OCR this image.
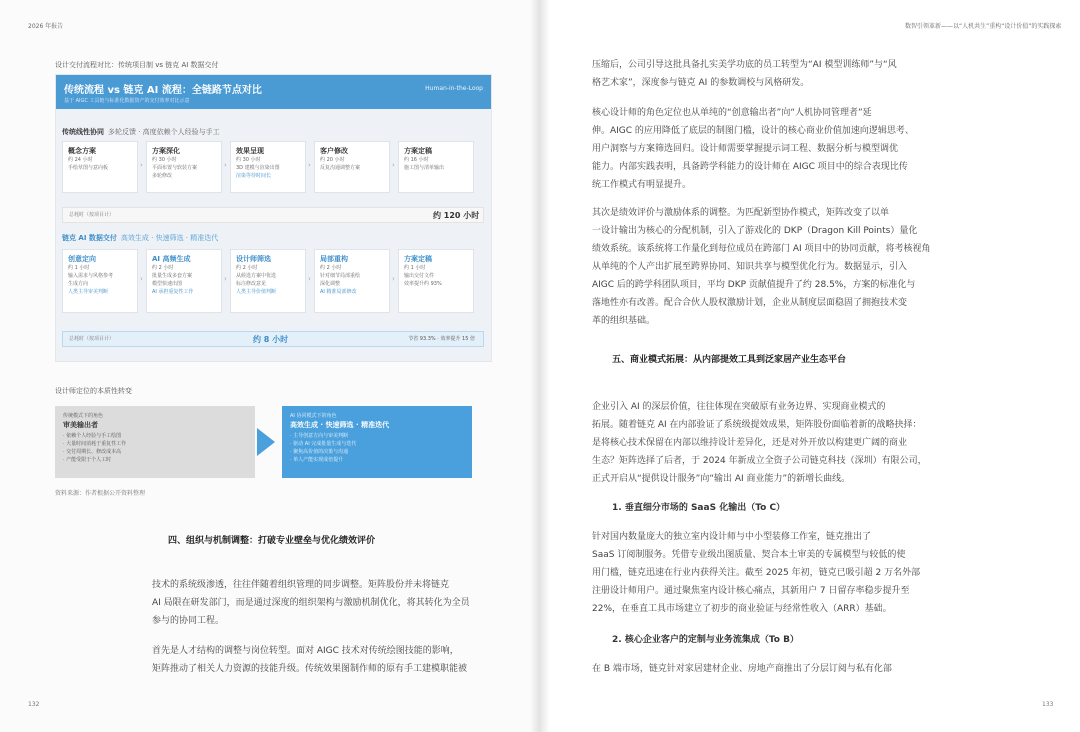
2026 年报告
设计交付流程对比：传统项目制 vs 链克 AI 数据交付
传统流程 vs 链克 AI 流程：全链路节点对比
基于 AIGC 工具链与标准化数据资产的交付效率对比示意
Human-in-the-Loop
传统线性协同 多轮反馈 · 高度依赖个人经验与手工
概念方案
约 24 小时
手绘草图与意向板	›
方案深化
约 30 小时
平面布置与软装方案
多轮修改
›
效果呈现
约 30 小时
3D 建模与渲染出图
渲染等待时间长
›
客户修改
约 20 小时
反复沟通调整方案	›
方案定稿
约 16 小时
施工图与清单输出
总耗时（按项目计）	约 120 小时
链克 AI 数据交付 高效生成 · 快速筛选 · 精准迭代
创意定向
约 1 小时
输入需求与风格参考
生成方向
人类主导审美判断
›
AI 高频生成
约 2 小时
批量生成多套方案
模型快速出图
AI 承担重复性工作
›
设计师筛选
约 2 小时
从候选方案中优选
标注修改意见
人类主导价值判断
›
局部重构
约 2 小时
针对细节局部重绘
深化调整
AI 精准局部修改
›
方案定稿
约 1 小时
输出交付文件
效率提升约 93%
总耗时（按项目计）	约 8 小时	节省 93.3% · 效率提升 15 倍
设计师定位的本质性转变
传统模式下的角色
审美输出者
· 依赖个人经验与手工绘图
· 大量时间消耗于重复性工作
· 交付周期长、修改成本高
· 产能受限于个人工时
AI 协同模式下的角色
高效生成 · 快速筛选 · 精准迭代
· 主导创意方向与审美判断
· 驱动 AI 完成批量生成与迭代
· 聚焦高价值的决策与沟通
· 单人产能实现成倍提升
资料来源：作者根据公开资料整理
四、组织与机制调整：打破专业壁垒与优化绩效评价
技术的系统级渗透，往往伴随着组织管理的同步调整。矩阵股份并未将链克
AI 局限在研发部门，而是通过深度的组织架构与激励机制优化，将其转化为全员
参与的协同工程。
首先是人才结构的调整与岗位转型。面对 AIGC 技术对传统绘图技能的影响，
矩阵推动了相关人力资源的技能升级。传统效果图制作师的原有手工建模职能被
132
数智引领革新——以“人机共生”重构“设计价值”的实践探索
压缩后，公司引导这批具备扎实美学功底的员工转型为“AI 模型训练师”与“风
格艺术家”，深度参与链克 AI 的参数调校与风格研发。
核心设计师的角色定位也从单纯的“创意输出者”向“人机协同管理者”延
伸。AIGC 的应用降低了底层的制图门槛，设计的核心商业价值加速向逻辑思考、
用户洞察与方案筛选回归。设计师需要掌握提示词工程、数据分析与模型调优
能力。内部实践表明，具备跨学科能力的设计师在 AIGC 项目中的综合表现比传
统工作模式有明显提升。
其次是绩效评价与激励体系的调整。为匹配新型协作模式，矩阵改变了以单
一设计输出为核心的分配机制，引入了游戏化的 DKP（Dragon Kill Points）量化
绩效系统。该系统将工作量化到每位成员在跨部门 AI 项目中的协同贡献，将考核视角
从单纯的个人产出扩展至跨界协同、知识共享与模型优化行为。数据显示，引入
AIGC 后的跨学科团队项目，平均 DKP 贡献值提升了约 28.5%，方案的标准化与
落地性亦有改善。配合合伙人股权激励计划，企业从制度层面稳固了拥抱技术变
革的组织基础。
五、商业模式拓展：从内部提效工具到泛家居产业生态平台
企业引入 AI 的深层价值，往往体现在突破原有业务边界、实现商业模式的
拓展。随着链克 AI 在内部验证了系统级提效成果，矩阵股份面临着新的战略抉择：
是将核心技术保留在内部以维持设计差异化，还是对外开放以构建更广阔的商业
生态？矩阵选择了后者，于 2024 年新成立全资子公司链克科技（深圳）有限公司，
正式开启从“提供设计服务”向“输出 AI 商业能力”的新增长曲线。
1. 垂直细分市场的 SaaS 化输出（To C）
针对国内数量庞大的独立室内设计师与中小型装修工作室，链克推出了
SaaS 订阅制服务。凭借专业级出图质量、契合本土审美的专属模型与较低的使
用门槛，链克迅速在行业内获得关注。截至 2025 年初，链克已吸引超 2 万名外部
注册设计师用户。通过聚焦室内设计核心痛点，其新用户 7 日留存率稳步提升至
22%，在垂直工具市场建立了初步的商业验证与经常性收入（ARR）基础。
2. 核心企业客户的定制与业务流集成（To B）
在 B 端市场，链克针对家居建材企业、房地产商推出了分层订阅与私有化部
133
